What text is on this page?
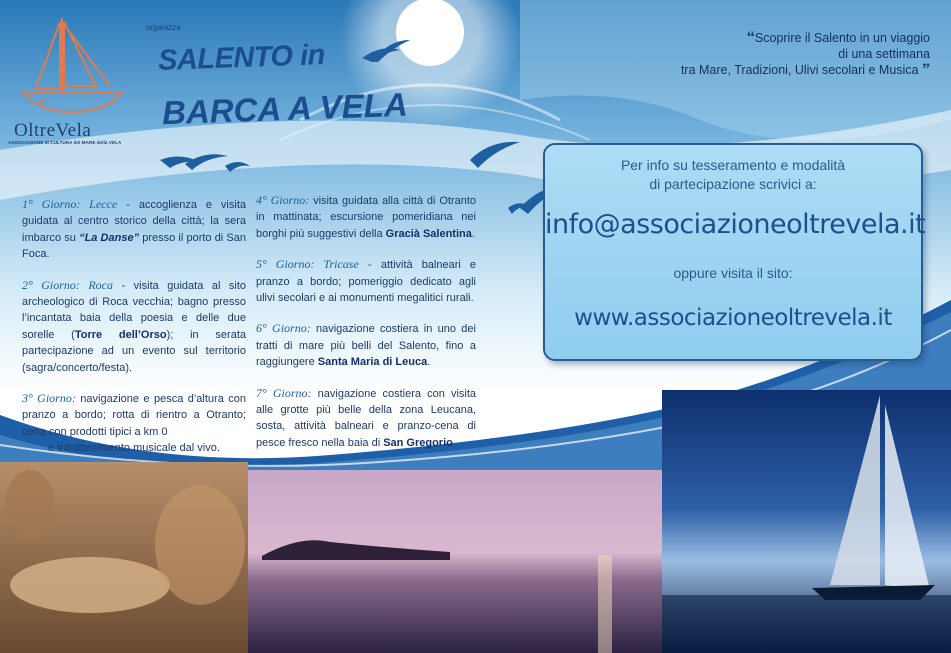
OltreVela
ASSOCIAZIONE di CULTURA del MARE della VELA
organizza
SALENTO in
BARCA A VELA
“Scoprire il Salento in un viaggio
di una settimana
tra Mare, Tradizioni, Ulivi secolari e Musica ”

1° Giorno: Lecce - accoglienza e visita guidata al centro storico della città; la sera imbarco su “La Danse” presso il porto di San Foca.

2° Giorno: Roca - visita guidata al sito archeologico di Roca vecchia; bagno presso l’incantata baia della poesia e delle due sorelle (Torre dell’Orso); in serata partecipazione ad un evento sul territorio (sagra/concerto/festa).

3° Giorno: navigazione e pesca d’altura con pranzo a bordo; rotta di rientro a Otranto; cena con prodotti tipici a km 0

e intrattenimento musicale dal vivo.

4° Giorno: visita guidata alla città di Otranto in mattinata; escursione pomeridiana nei borghi più suggestivi della Gracià Salentina.

5° Giorno: Tricase - attività balneari e pranzo a bordo; pomeriggio dedicato agli ulivi secolari e ai monumenti megalitici rurali.

6° Giorno: navigazione costiera in uno dei tratti di mare più belli del Salento, fino a raggiungere Santa Maria di Leuca.

7° Giorno: navigazione costiera con visita alle grotte più belle della zona Leucana, sosta, attività balneari e pranzo-cena di pesce fresco nella baia di San Gregorio

Per info su tesseramento e modalità
di partecipazione scrivici a:
info@associazioneoltrevela.it
oppure visita il sito:
www.associazioneoltrevela.it
